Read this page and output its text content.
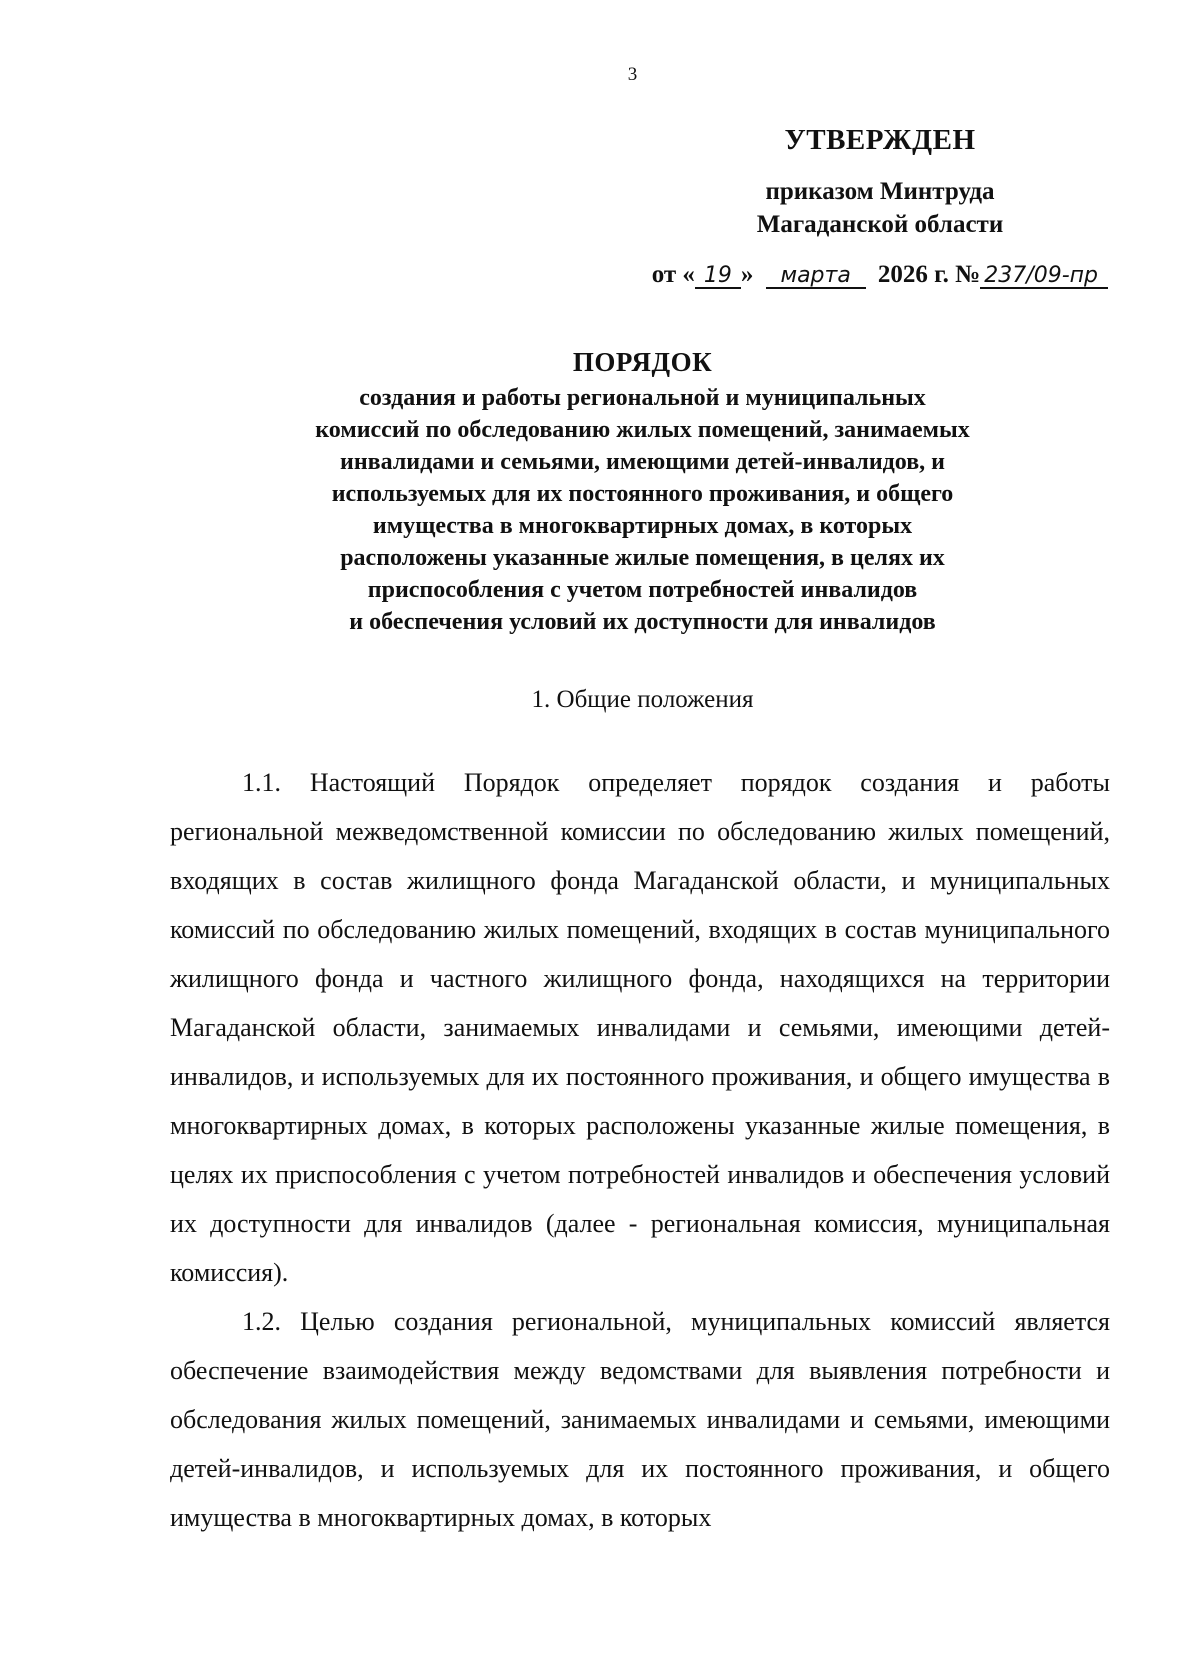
3
УТВЕРЖДЕН
приказом Минтруда
Магаданской области
от « 19 » марта 2026 г. № 237/09-пр
ПОРЯДОК
создания и работы региональной и муниципальных
комиссий по обследованию жилых помещений, занимаемых
инвалидами и семьями, имеющими детей-инвалидов, и
используемых для их постоянного проживания, и общего
имущества в многоквартирных домах, в которых
расположены указанные жилые помещения, в целях их
приспособления с учетом потребностей инвалидов
и обеспечения условий их доступности для инвалидов
1. Общие положения

1.1. Настоящий Порядок определяет порядок создания и работы региональной межведомственной комиссии по обследованию жилых помещений, входящих в состав жилищного фонда Магаданской области, и муниципальных комиссий по обследованию жилых помещений, входящих в состав муниципального жилищного фонда и частного жилищного фонда, находящихся на территории Магаданской области, занимаемых инвалидами и семьями, имеющими детей-инвалидов, и используемых для их постоянного проживания, и общего имущества в многоквартирных домах, в которых расположены указанные жилые помещения, в целях их приспособления с учетом потребностей инвалидов и обеспечения условий их доступности для инвалидов (далее - региональная комиссия, муниципальная комиссия).

1.2. Целью создания региональной, муниципальных комиссий является обеспечение взаимодействия между ведомствами для выявления потребности и обследования жилых помещений, занимаемых инвалидами и семьями, имеющими детей-инвалидов, и используемых для их постоянного проживания, и общего имущества в многоквартирных домах, в которых
